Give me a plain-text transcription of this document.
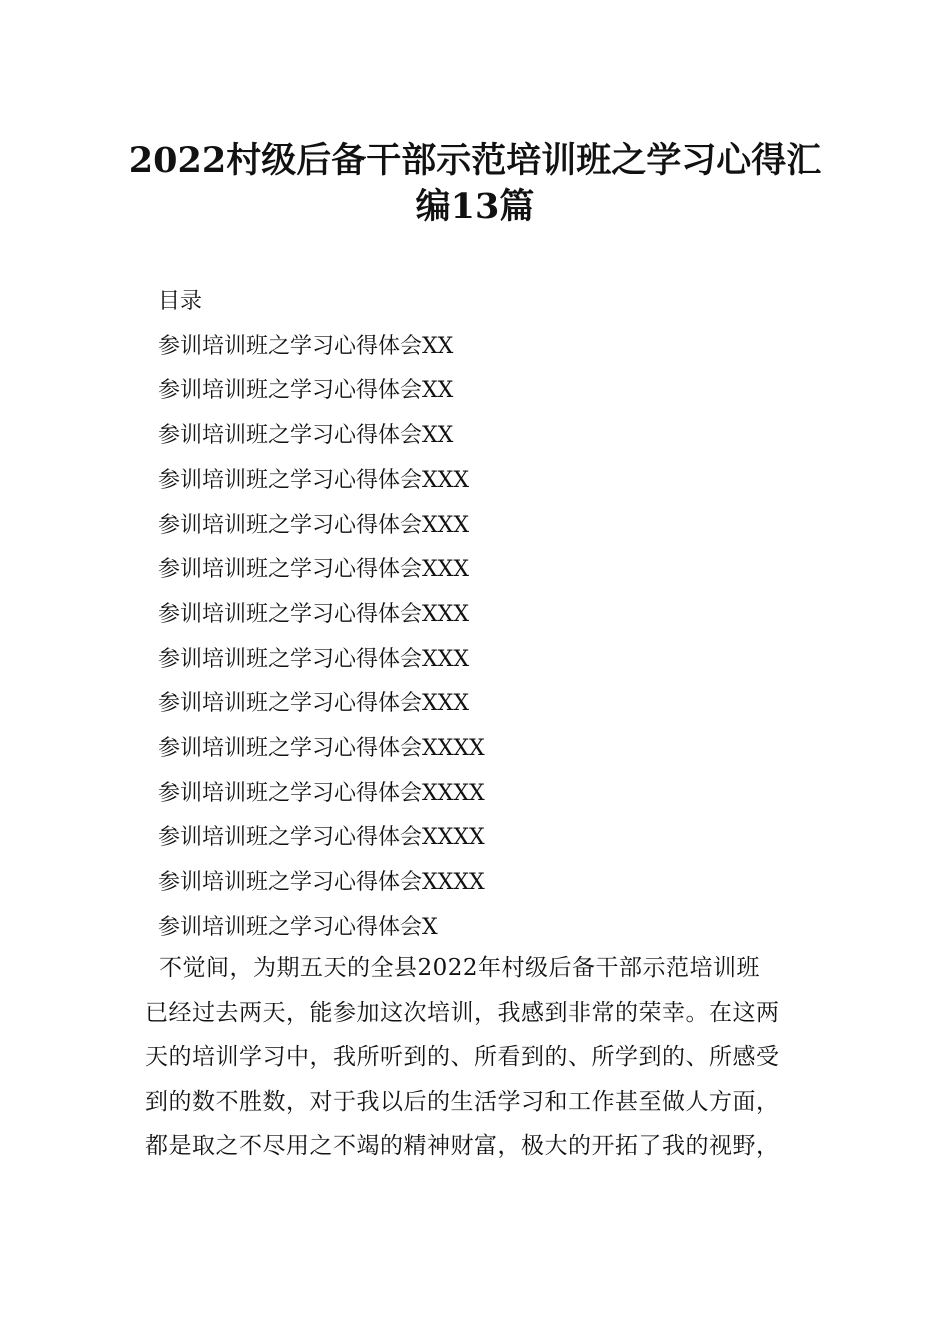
2022村级后备干部示范培训班之学习心得汇
编13篇
目录
参训培训班之学习心得体会XX
参训培训班之学习心得体会XX
参训培训班之学习心得体会XX
参训培训班之学习心得体会XXX
参训培训班之学习心得体会XXX
参训培训班之学习心得体会XXX
参训培训班之学习心得体会XXX
参训培训班之学习心得体会XXX
参训培训班之学习心得体会XXX
参训培训班之学习心得体会XXXX
参训培训班之学习心得体会XXXX
参训培训班之学习心得体会XXXX
参训培训班之学习心得体会XXXX
参训培训班之学习心得体会X
不觉间，为期五天的全县2022年村级后备干部示范培训班
已经过去两天，能参加这次培训，我感到非常的荣幸。在这两
天的培训学习中，我所听到的、所看到的、所学到的、所感受
到的数不胜数，对于我以后的生活学习和工作甚至做人方面，
都是取之不尽用之不竭的精神财富，极大的开拓了我的视野，
